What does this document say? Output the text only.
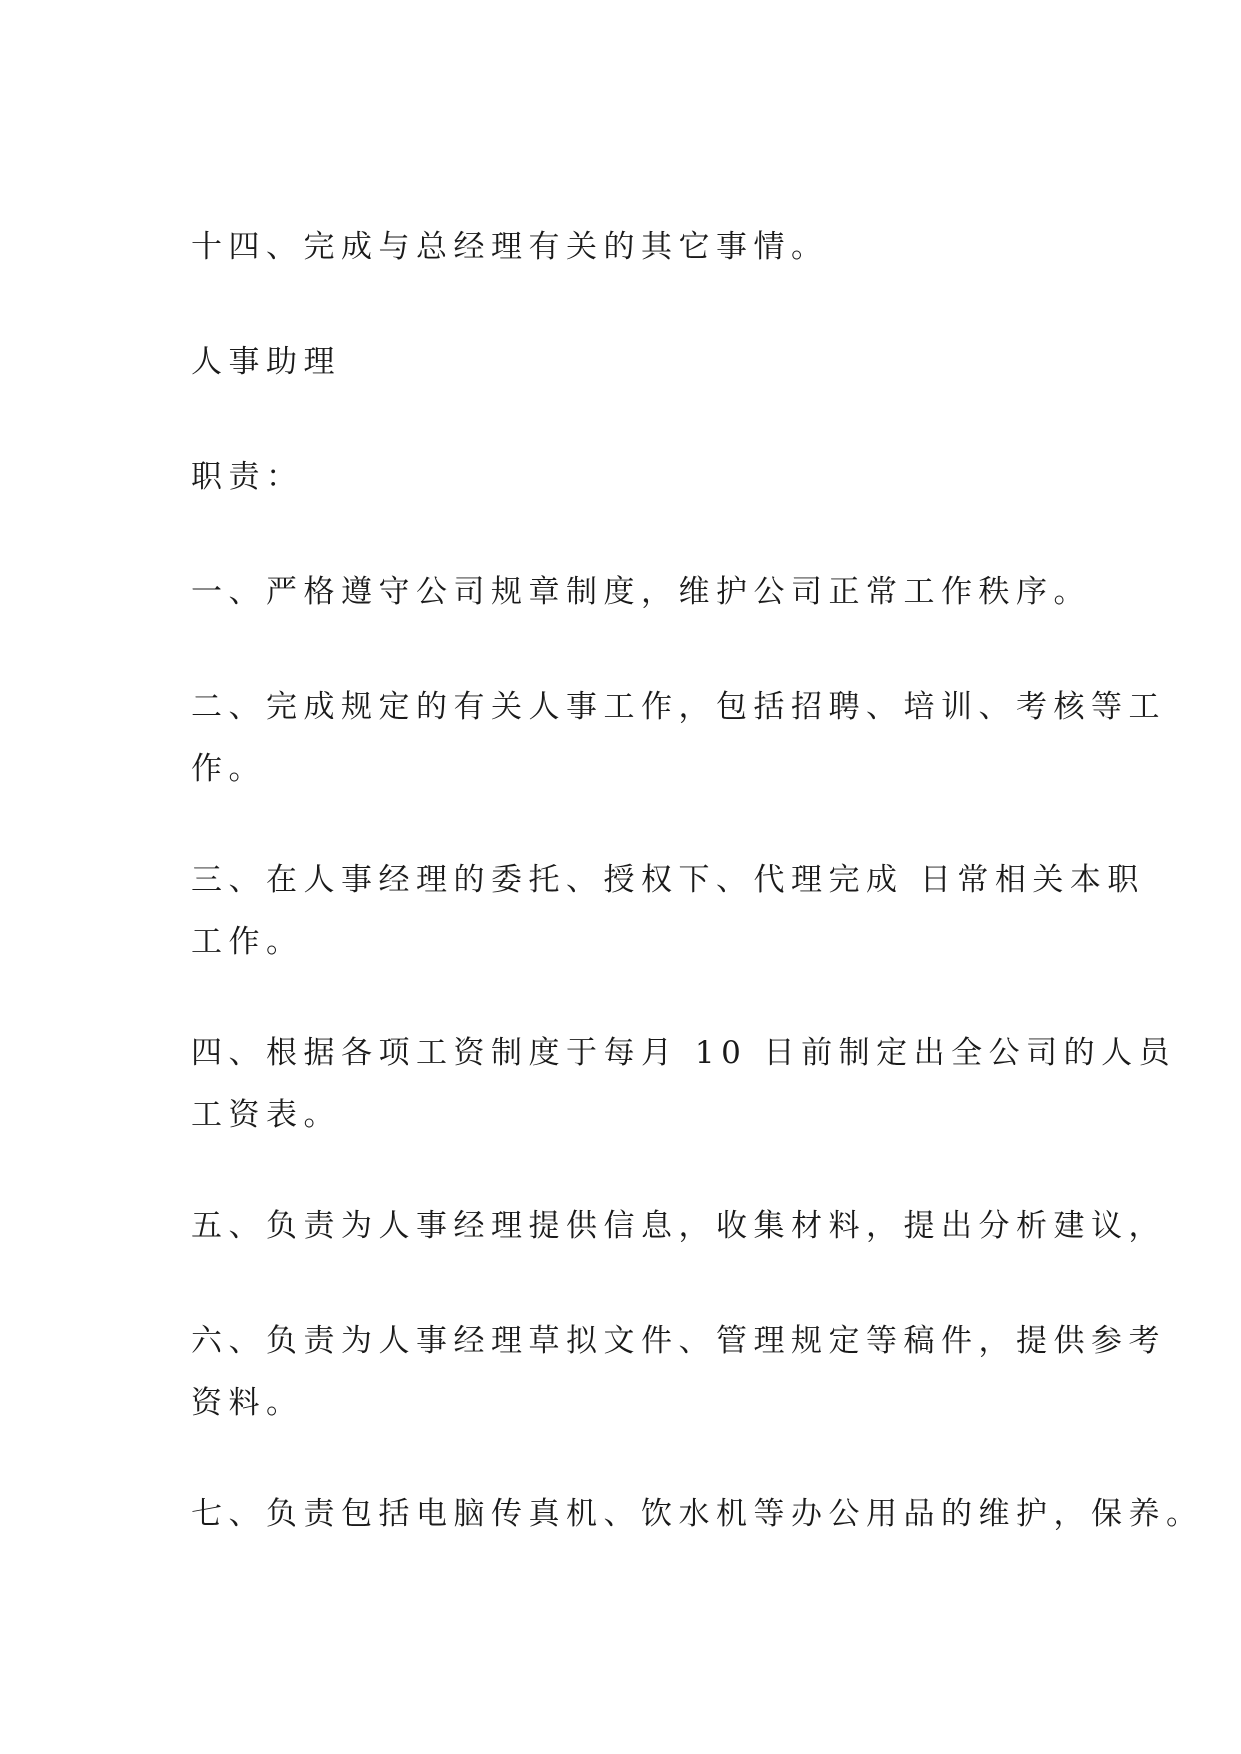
十四、完成与总经理有关的其它事情。
人事助理
职责：
一、严格遵守公司规章制度，维护公司正常工作秩序。
二、完成规定的有关人事工作，包括招聘、培训、考核等工
作。
三、在人事经理的委托、授权下、代理完成 日常相关本职
工作。
四、根据各项工资制度于每月 10 日前制定出全公司的人员
工资表。
五、负责为人事经理提供信息，收集材料，提出分析建议，
六、负责为人事经理草拟文件、管理规定等稿件，提供参考
资料。
七、负责包括电脑传真机、饮水机等办公用品的维护，保养。
